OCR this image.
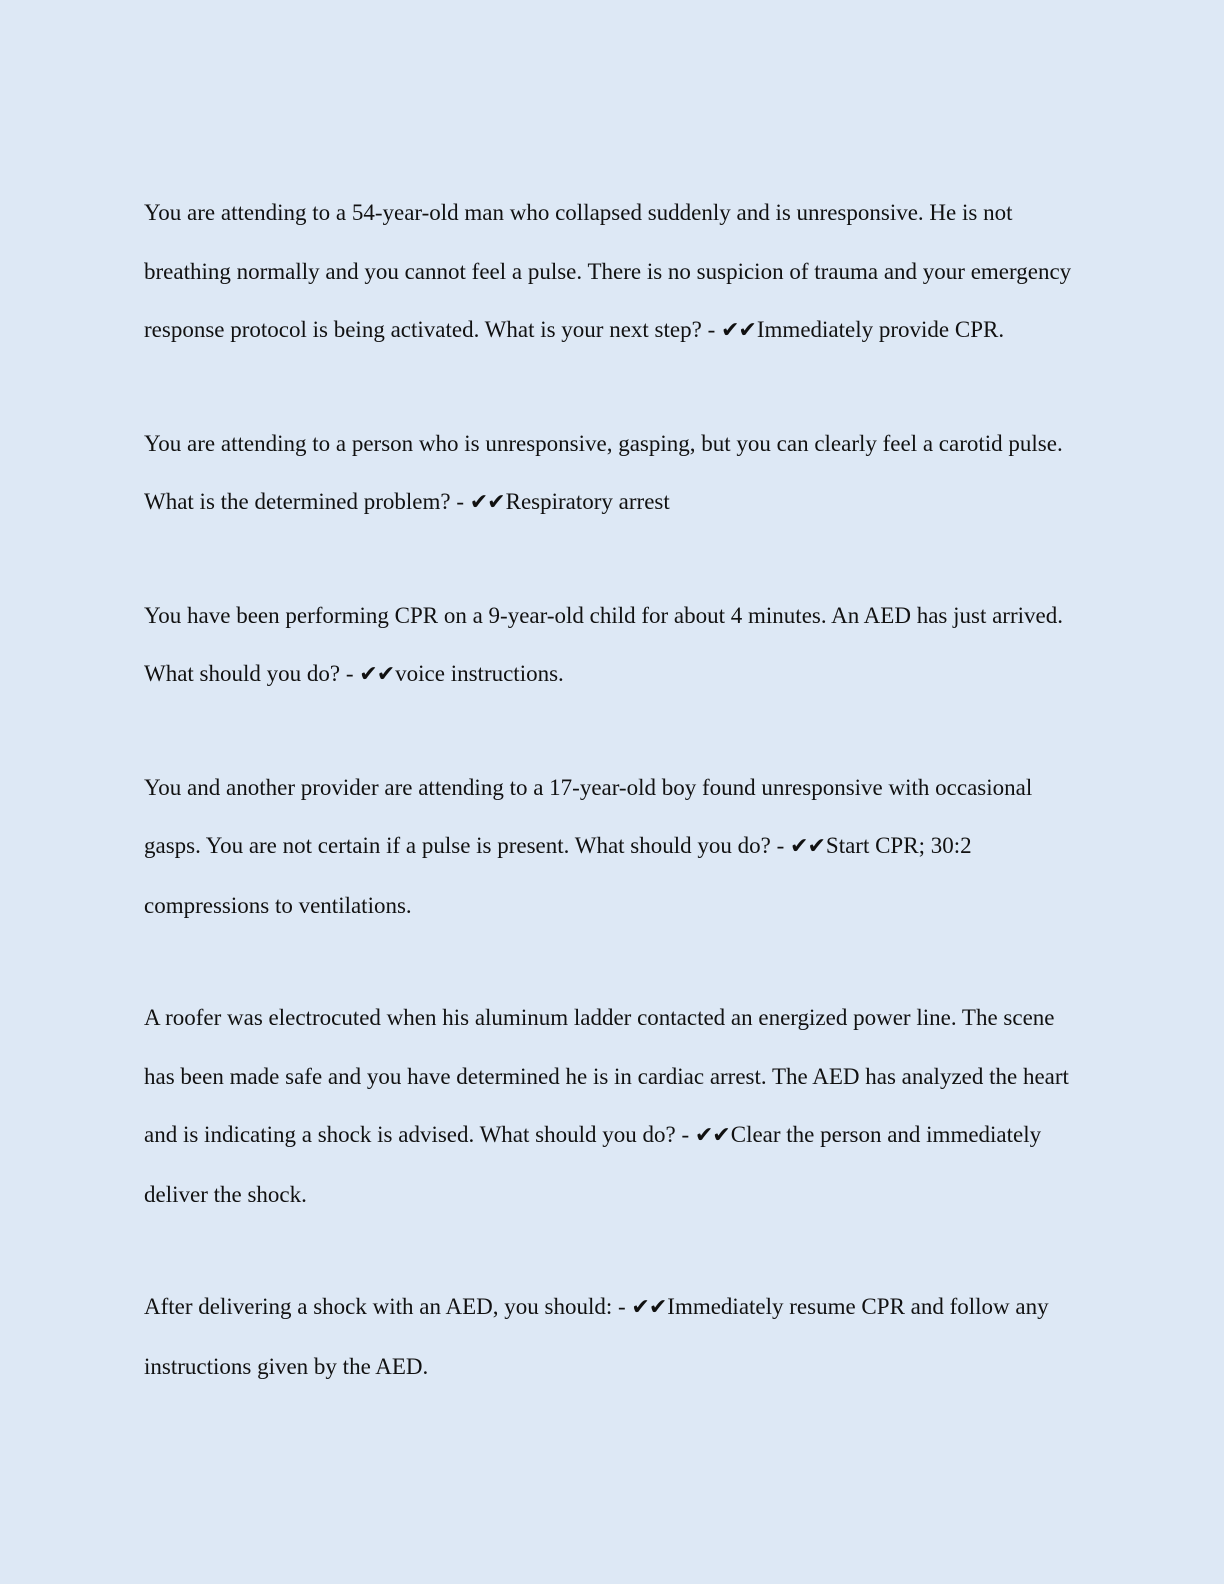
You are attending to a 54-year-old man who collapsed suddenly and is unresponsive. He is not breathing normally and you cannot feel a pulse. There is no suspicion of trauma and your emergency response protocol is being activated. What is your next step? - ✔✔Immediately provide CPR.

You are attending to a person who is unresponsive, gasping, but you can clearly feel a carotid pulse. What is the determined problem? - ✔✔Respiratory arrest

You have been performing CPR on a 9-year-old child for about 4 minutes. An AED has just arrived. What should you do? - ✔✔voice instructions.

You and another provider are attending to a 17-year-old boy found unresponsive with occasional gasps. You are not certain if a pulse is present. What should you do? - ✔✔Start CPR; 30:2 compressions to ventilations.

A roofer was electrocuted when his aluminum ladder contacted an energized power line. The scene has been made safe and you have determined he is in cardiac arrest. The AED has analyzed the heart and is indicating a shock is advised. What should you do? - ✔✔Clear the person and immediately deliver the shock.

After delivering a shock with an AED, you should: - ✔✔Immediately resume CPR and follow any instructions given by the AED.
